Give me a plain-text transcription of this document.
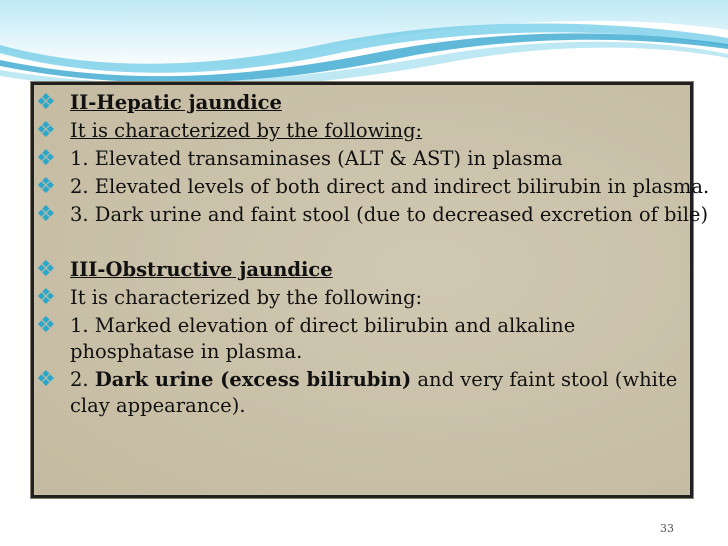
❖ II-Hepatic jaundice
❖ It is characterized by the following:
❖ 1. Elevated transaminases (ALT & AST) in plasma
❖ 2. Elevated levels of both direct and indirect bilirubin in plasma.
❖ 3. Dark urine and faint stool (due to decreased excretion of bile)
❖ III-Obstructive jaundice
❖ It is characterized by the following:
❖ 1. Marked elevation of direct bilirubin and alkaline phosphatase in plasma.
❖ 2. Dark urine (excess bilirubin) and very faint stool (white clay appearance).
33
